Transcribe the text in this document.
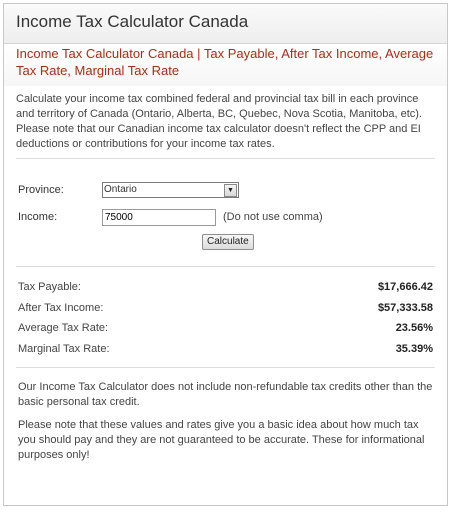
Income Tax Calculator Canada

Income Tax Calculator Canada | Tax Payable, After Tax Income, Average Tax Rate, Marginal Tax Rate

Calculate your income tax combined federal and provincial tax bill in each province and territory of Canada (Ontario, Alberta, BC, Quebec, Nova Scotia, Manitoba, etc). Please note that our Canadian income tax calculator doesn't reflect the CPP and EI deductions or contributions for your income tax rates.

Province:	Ontario	▼
Income:
75000	(Do not use comma)
Calculate
Tax Payable:	$17,666.42
After Tax Income:	$57,333.58
Average Tax Rate:	23.56%
Marginal Tax Rate:	35.39%

Our Income Tax Calculator does not include non-refundable tax credits other than the basic personal tax credit.

Please note that these values and rates give you a basic idea about how much tax you should pay and they are not guaranteed to be accurate. These for informational purposes only!
